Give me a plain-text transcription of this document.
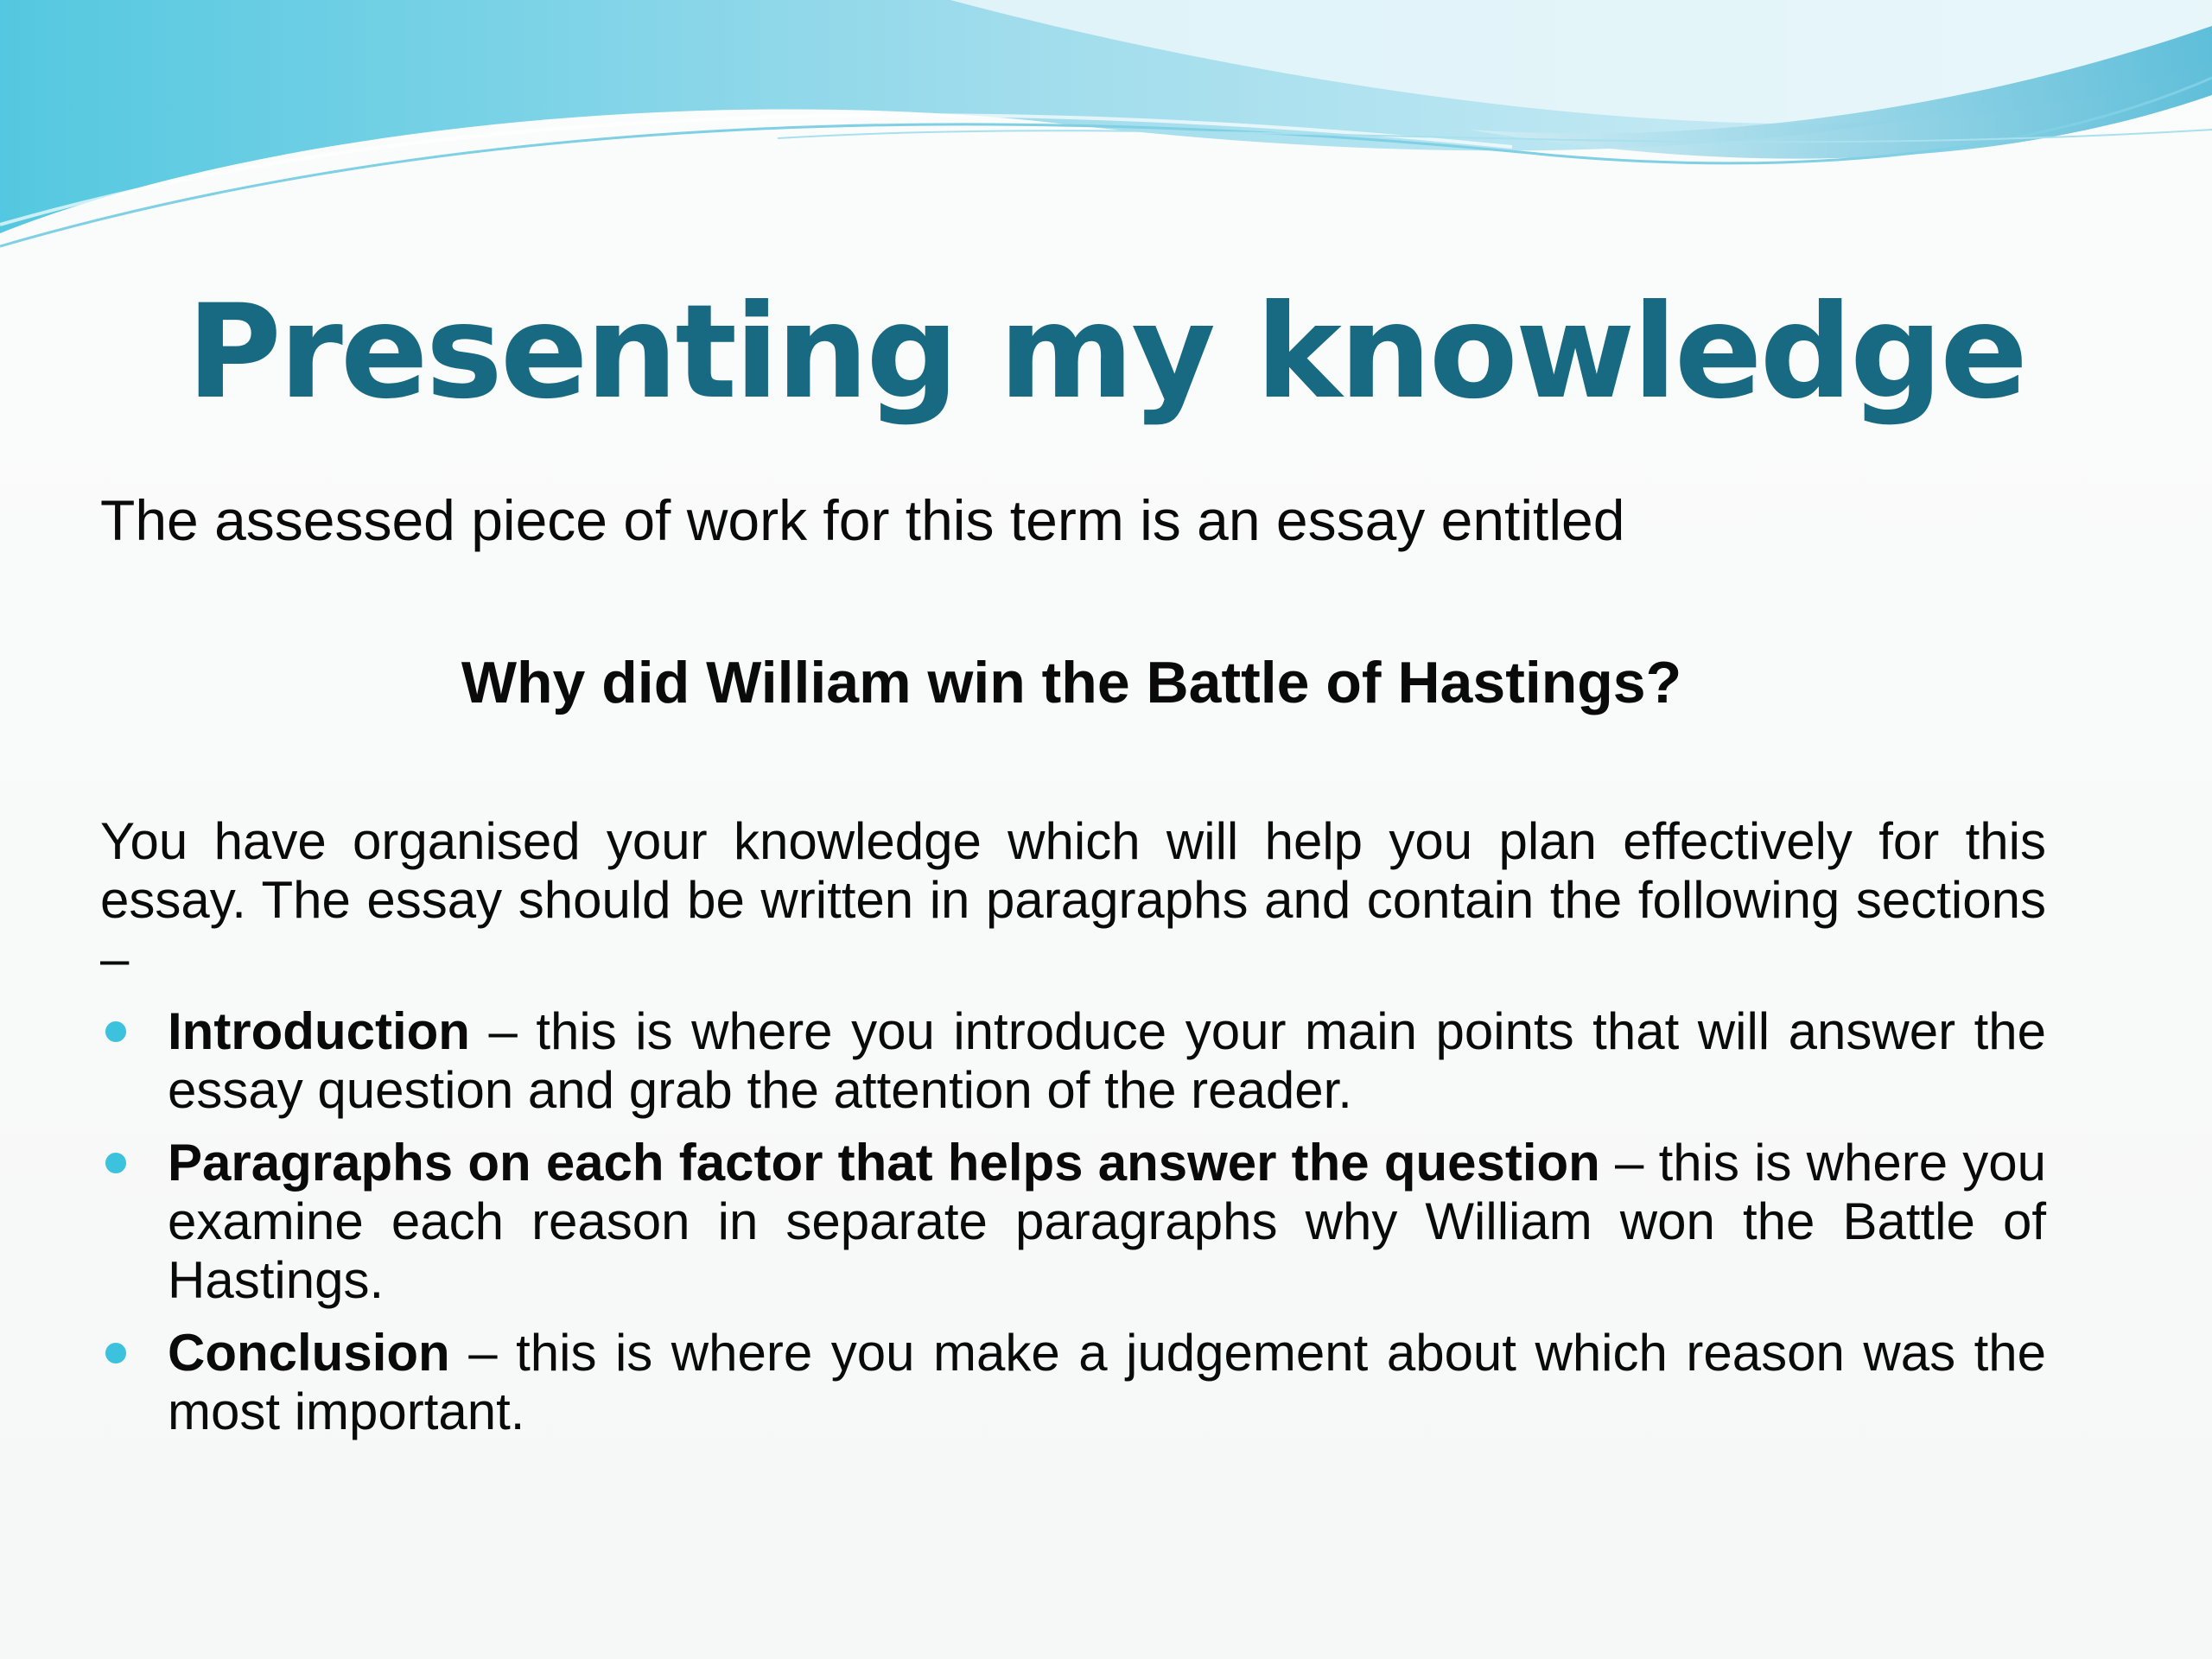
Presenting my knowledge
The assessed piece of work for this term is an essay entitled
Why did William win the Battle of Hastings?
You have organised your knowledge which will help you plan effectively for this essay. The essay should be written in paragraphs and contain the following sections –
Introduction – this is where you introduce your main points that will answer the essay question and grab the attention of the reader.
Paragraphs on each factor that helps answer the question – this is where you examine each reason in separate paragraphs why William won the Battle of Hastings.
Conclusion – this is where you make a judgement about which reason was the most important.
